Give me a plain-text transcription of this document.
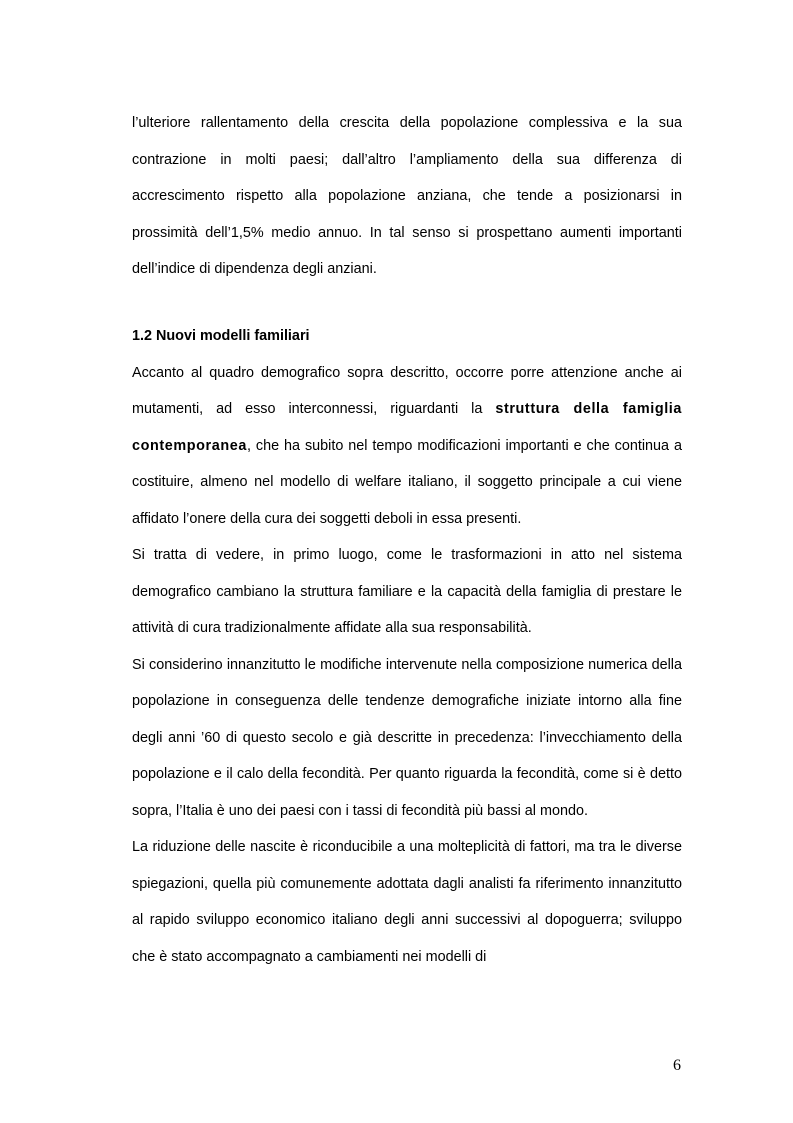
l’ulteriore rallentamento della crescita della popolazione complessiva e la sua contrazione in molti paesi; dall’altro l’ampliamento della sua differenza di accrescimento rispetto alla popolazione anziana, che tende a posizionarsi in prossimità dell’1,5% medio annuo. In tal senso si prospettano aumenti importanti dell’indice di dipendenza degli anziani.

1.2 Nuovi modelli familiari

Accanto al quadro demografico sopra descritto, occorre porre attenzione anche ai mutamenti, ad esso interconnessi, riguardanti la struttura della famiglia contemporanea, che ha subito nel tempo modificazioni importanti e che continua a costituire, almeno nel modello di welfare italiano, il soggetto principale a cui viene affidato l’onere della cura dei soggetti deboli in essa presenti.

Si tratta di vedere, in primo luogo, come le trasformazioni in atto nel sistema demografico cambiano la struttura familiare e la capacità della famiglia di prestare le attività di cura tradizionalmente affidate alla sua responsabilità.

Si considerino innanzitutto le modifiche intervenute nella composizione numerica della popolazione in conseguenza delle tendenze demografiche iniziate intorno alla fine degli anni ’60 di questo secolo e già descritte in precedenza: l’invecchiamento della popolazione e il calo della fecondità. Per quanto riguarda la fecondità, come si è detto sopra, l’Italia è uno dei paesi con i tassi di fecondità più bassi al mondo.

La riduzione delle nascite è riconducibile a una molteplicità di fattori, ma tra le diverse spiegazioni, quella più comunemente adottata dagli analisti fa riferimento innanzitutto al rapido sviluppo economico italiano degli anni successivi al dopoguerra; sviluppo che è stato accompagnato a cambiamenti nei modelli di

6
